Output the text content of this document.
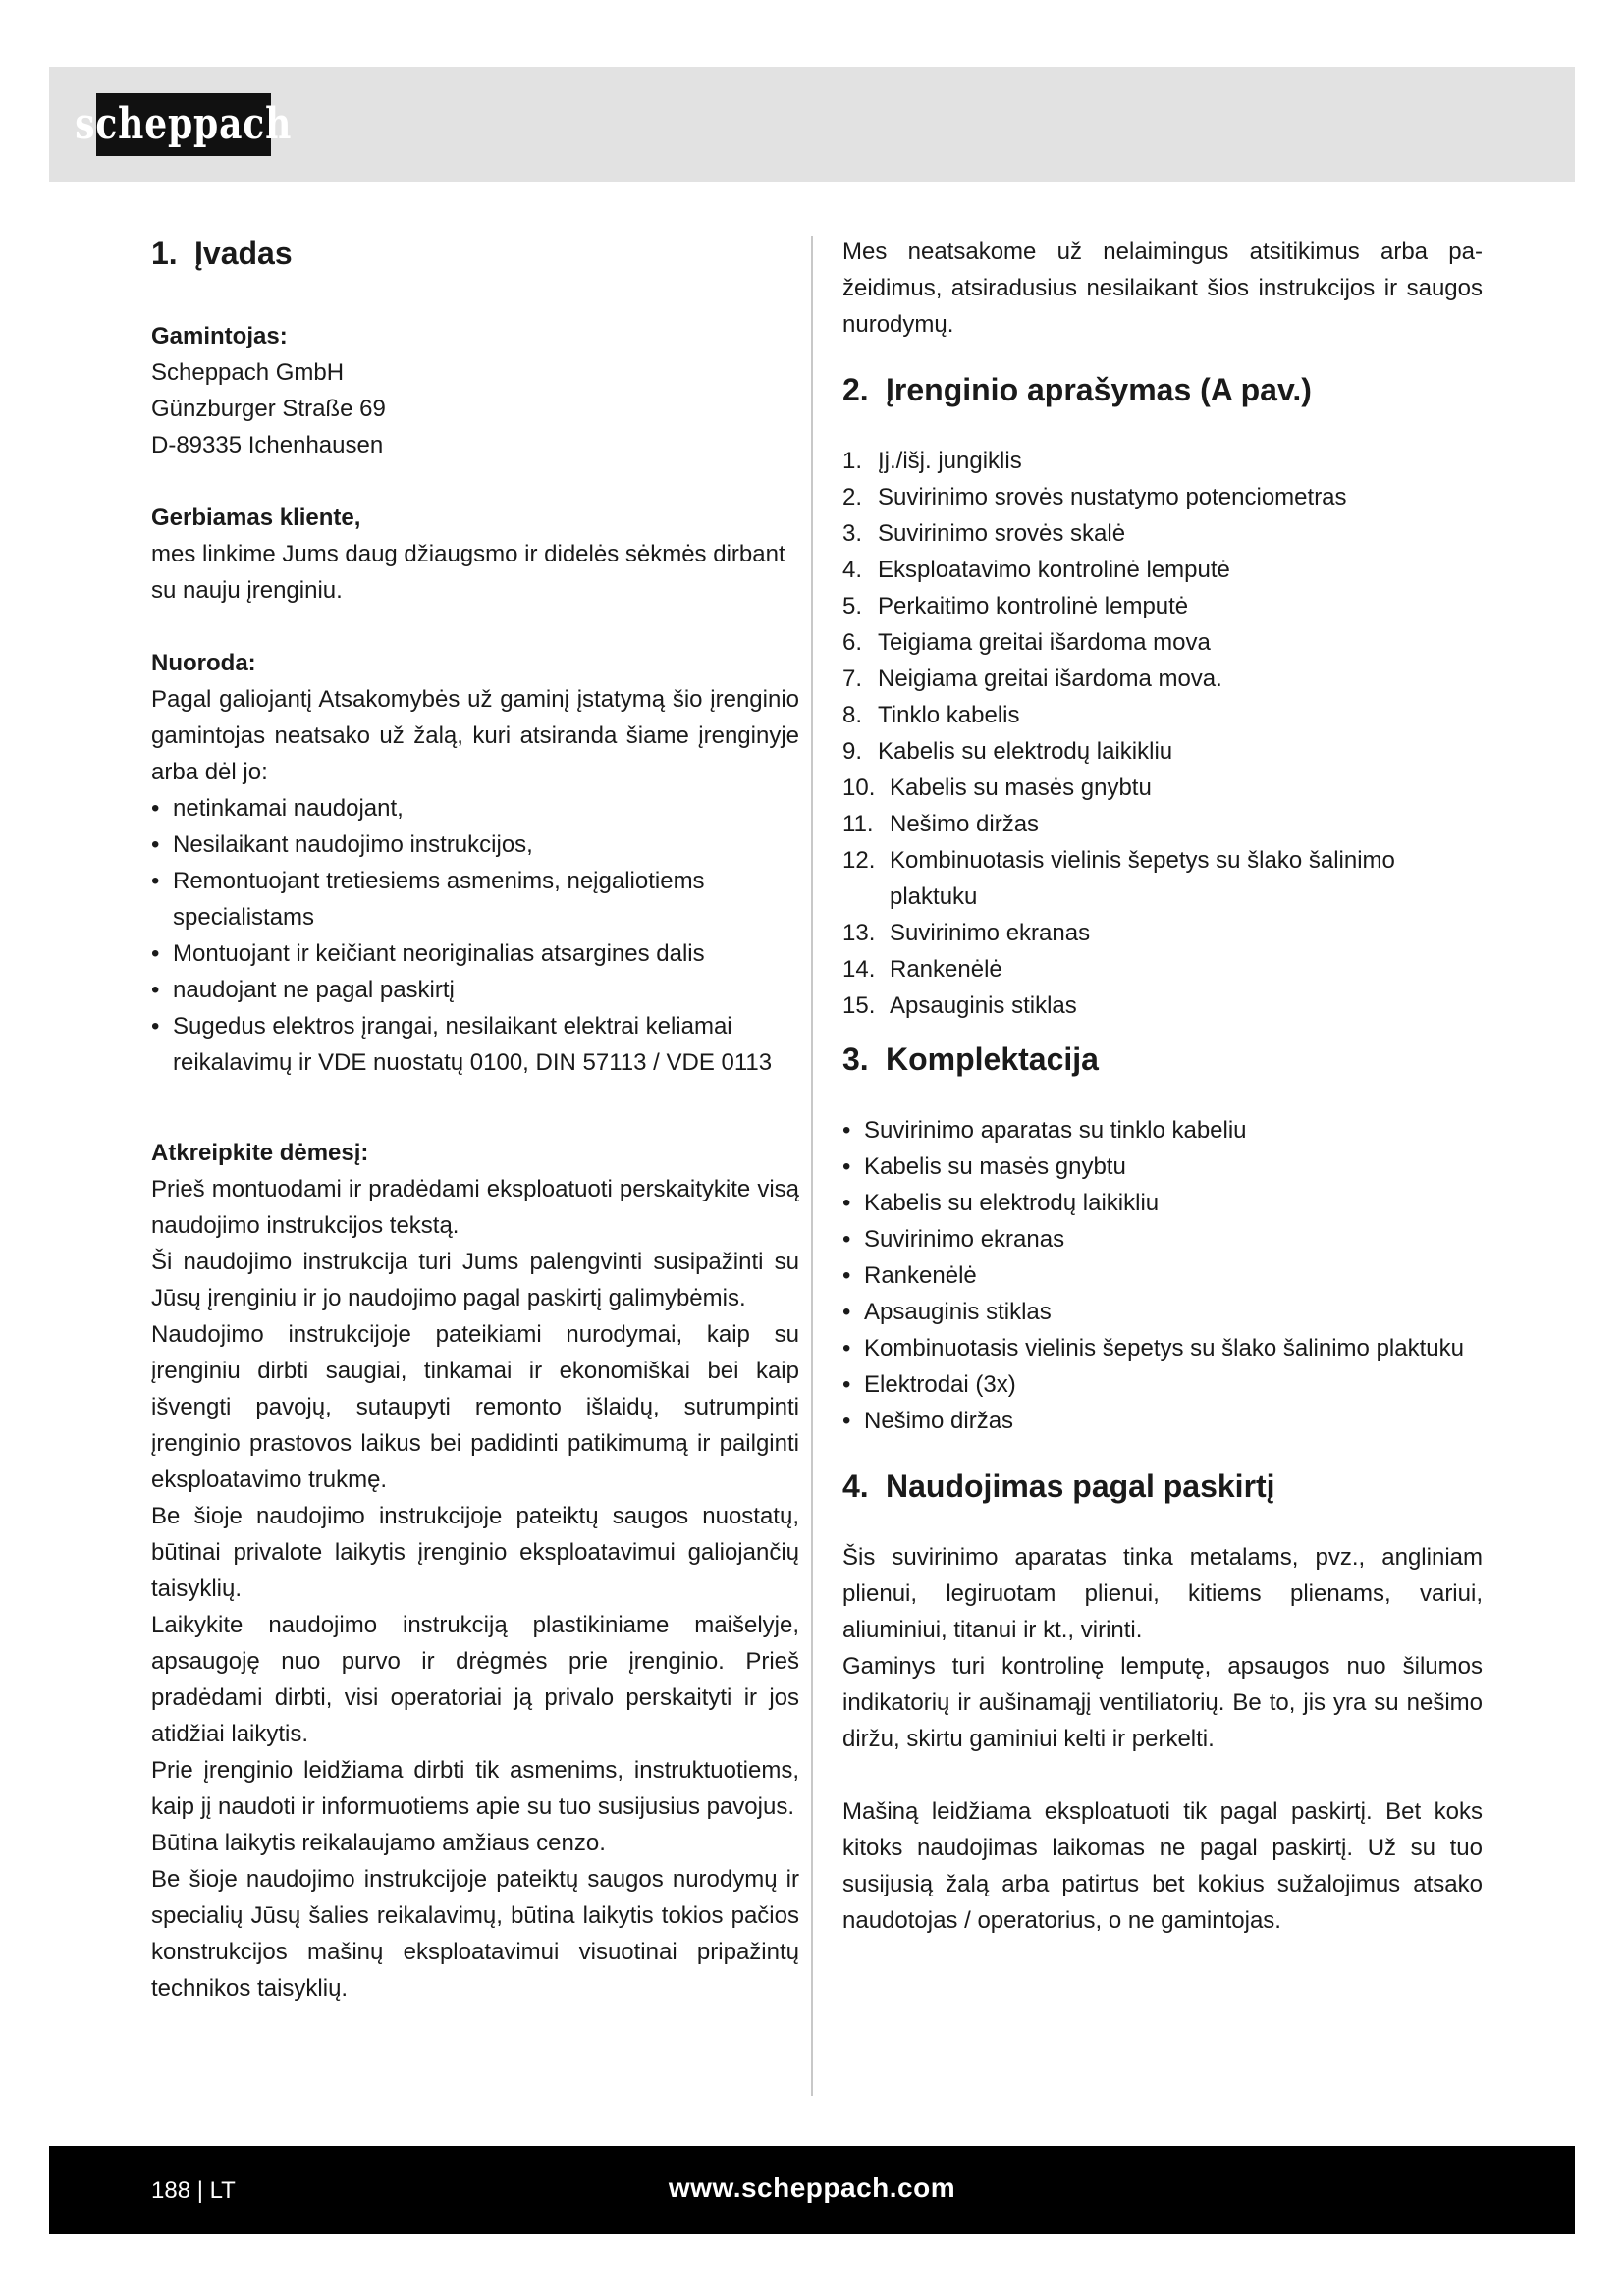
scheppach
1. Įvadas

Gamintojas:

Scheppach GmbH

Günzburger Straße 69

D-89335 Ichenhausen

Gerbiamas kliente,

mes linkime Jums daug džiaugsmo ir didelės sėkmės dirbant su nauju įrenginiu.

Nuoroda:

Pagal galiojantį Atsakomybės už gaminį įstatymą šio įrenginio gamintojas neatsako už žalą, kuri atsiranda šiame įrenginyje arba dėl jo:

• netinkamai naudojant,
• Nesilaikant naudojimo instrukcijos,
• Remontuojant tretiesiems asmenims, neįgaliotiems specialistams
• Montuojant ir keičiant neoriginalias atsargines dalis
• naudojant ne pagal paskirtį
• Sugedus elektros įrangai, nesilaikant elektrai keliamai reikalavimų ir VDE nuostatų 0100, DIN 57113 / VDE 0113

Atkreipkite dėmesį:

Prieš montuodami ir pradėdami eksploatuoti perskaitykite visą naudojimo instrukcijos tekstą.

Ši naudojimo instrukcija turi Jums palengvinti susipažinti su Jūsų įrenginiu ir jo naudojimo pagal paskirtį galimybėmis.

Naudojimo instrukcijoje pateikiami nurodymai, kaip su įrenginiu dirbti saugiai, tinkamai ir ekonomiškai bei kaip išvengti pavojų, sutaupyti remonto išlaidų, sutrumpinti įrenginio prastovos laikus bei padidinti patikimumą ir pailginti eksploatavimo trukmę.

Be šioje naudojimo instrukcijoje pateiktų saugos nuostatų, būtinai privalote laikytis įrenginio eksploatavimui galiojančių taisyklių.

Laikykite naudojimo instrukciją plastikiniame maišelyje, apsaugoję nuo purvo ir drėgmės prie įrenginio. Prieš pradėdami dirbti, visi operatoriai ją privalo perskaityti ir jos atidžiai laikytis.

Prie įrenginio leidžiama dirbti tik asmenims, instruktuotiems, kaip jį naudoti ir informuotiems apie su tuo susijusius pavojus.

Būtina laikytis reikalaujamo amžiaus cenzo.

Be šioje naudojimo instrukcijoje pateiktų saugos nurodymų ir specialių Jūsų šalies reikalavimų, būtina laikytis tokios pačios konstrukcijos mašinų eksploatavimui visuotinai pripažintų technikos taisyklių.

Mes neatsakome už nelaimingus atsitikimus arba pažeidimus, atsiradusius nesilaikant šios instrukcijos ir saugos nurodymų.

2. Įrenginio aprašymas (A pav.)
1. Įj./išj. jungiklis
2. Suvirinimo srovės nustatymo potenciometras
3. Suvirinimo srovės skalė
4. Eksploatavimo kontrolinė lemputė
5. Perkaitimo kontrolinė lemputė
6. Teigiama greitai išardoma mova
7. Neigiama greitai išardoma mova.
8. Tinklo kabelis
9. Kabelis su elektrodų laikikliu
10. Kabelis su masės gnybtu
11. Nešimo diržas
12. Kombinuotasis vielinis šepetys su šlako šalinimo plaktuku
13. Suvirinimo ekranas
14. Rankenėlė
15. Apsauginis stiklas
3. Komplektacija
• Suvirinimo aparatas su tinklo kabeliu
• Kabelis su masės gnybtu
• Kabelis su elektrodų laikikliu
• Suvirinimo ekranas
• Rankenėlė
• Apsauginis stiklas
• Kombinuotasis vielinis šepetys su šlako šalinimo plaktuku
• Elektrodai (3x)
• Nešimo diržas
4. Naudojimas pagal paskirtį

Šis suvirinimo aparatas tinka metalams, pvz., angliniam plienui, legiruotam plienui, kitiems plienams, variui, aliuminiui, titanui ir kt., virinti.

Gaminys turi kontrolinę lemputę, apsaugos nuo šilumos indikatorių ir aušinamąjį ventiliatorių. Be to, jis yra su nešimo diržu, skirtu gaminiui kelti ir perkelti.

Mašiną leidžiama eksploatuoti tik pagal paskirtį. Bet koks kitoks naudojimas laikomas ne pagal paskirtį. Už su tuo susijusią žalą arba patirtus bet kokius sužalojimus atsako naudotojas / operatorius, o ne gamintojas.

188 | LT	www.scheppach.com
